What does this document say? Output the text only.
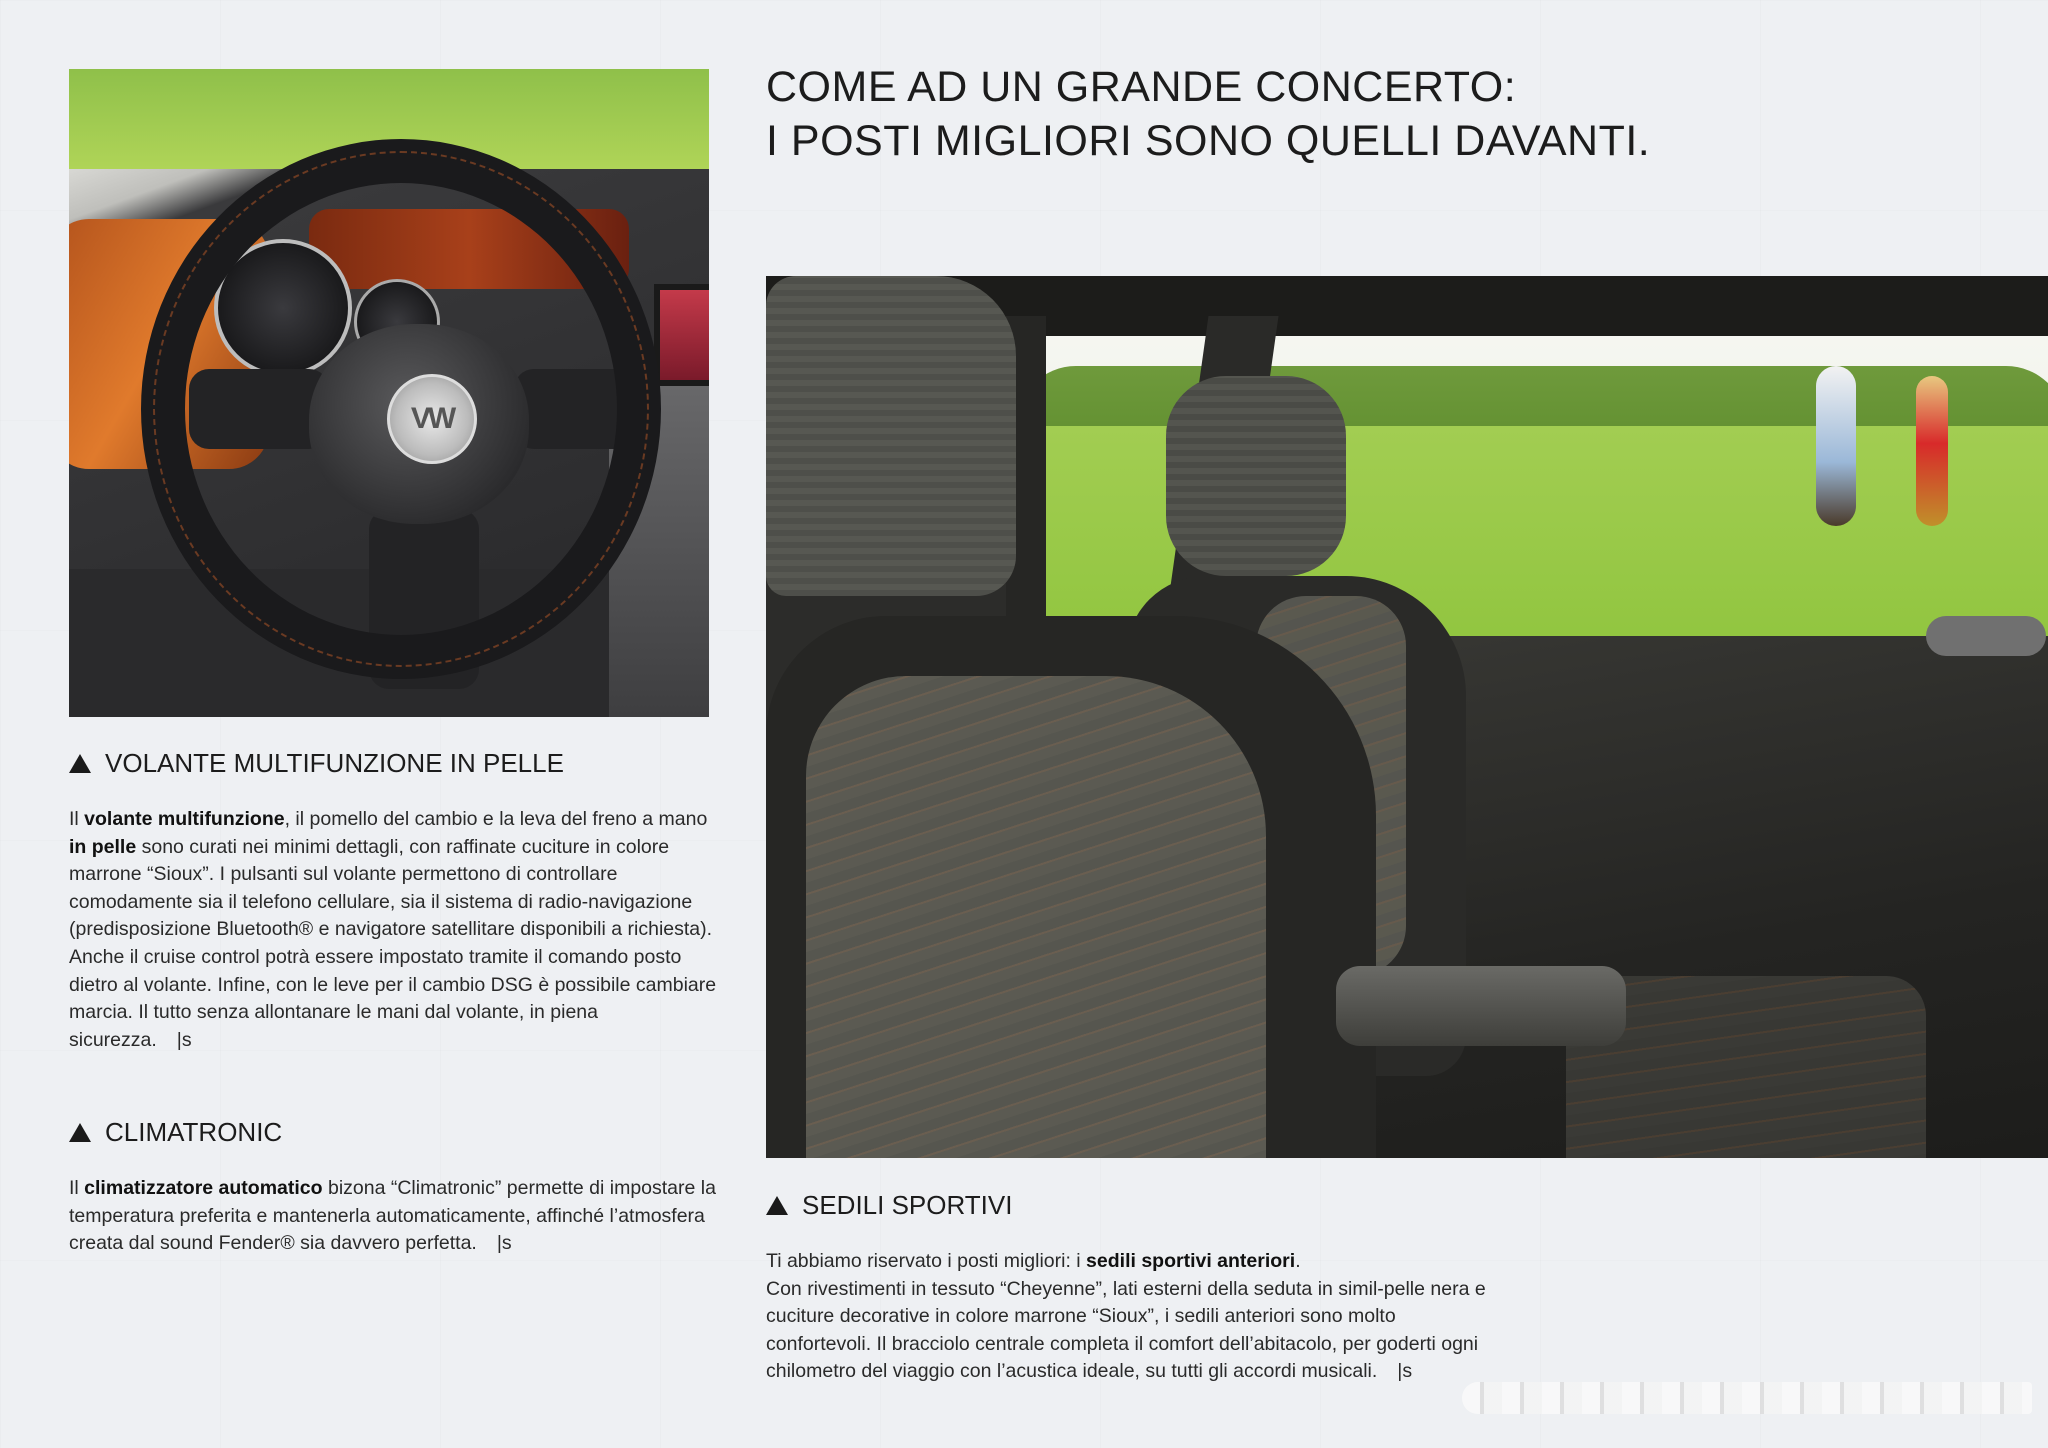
VW
COME AD UN GRANDE CONCERTO:
I POSTI MIGLIORI SONO QUELLI DAVANTI.
VOLANTE MULTIFUNZIONE IN PELLE
Il volante multifunzione, il pomello del cambio e la leva del freno a mano in pelle sono curati nei minimi dettagli, con raffinate cuciture in colore marrone “Sioux”. I pulsanti sul volante permettono di controllare comodamente sia il telefono cellulare, sia il sistema di radio-navigazione (predisposizione Bluetooth® e navigatore satellitare disponibili a richiesta). Anche il cruise control potrà essere impostato tramite il comando posto dietro al volante. Infine, con le leve per il cambio DSG è possibile cambiare marcia. Il tutto senza allontanare le mani dal volante, in piena sicurezza. |s
CLIMATRONIC
Il climatizzatore automatico bizona “Climatronic” permette di impostare la temperatura preferita e mantenerla automaticamente, affinché l’atmosfera creata dal sound Fender® sia davvero perfetta. |s
SEDILI SPORTIVI
Ti abbiamo riservato i posti migliori: i sedili sportivi anteriori.
Con rivestimenti in tessuto “Cheyenne”, lati esterni della seduta in simil-pelle nera e cuciture decorative in colore marrone “Sioux”, i sedili anteriori sono molto confortevoli. Il bracciolo centrale completa il comfort dell’abitacolo, per goderti ogni chilometro del viaggio con l’acustica ideale, su tutti gli accordi musicali. |s
